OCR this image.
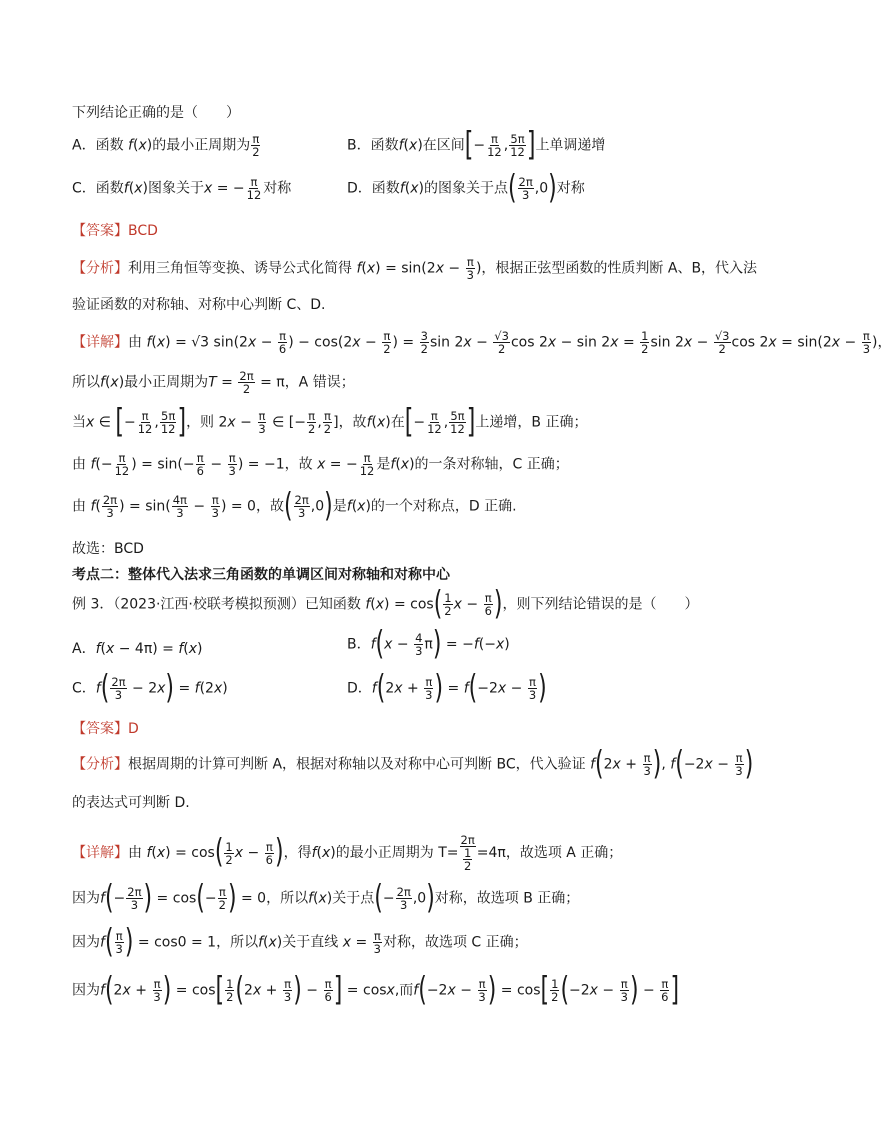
下列结论正确的是（　　）
A．函数 f(x)的最小正周期为 $\frac{\pi}{2}$	B．函数f(x)在区间[− $\frac{\pi}{12}$ , $\frac{5\pi}{12}$ ]上单调递增
C．函数f(x)图象关于x = − $\frac{\pi}{12}$ 对称	D．函数f(x)的图象关于点( $\frac{2\pi}{3} ,0$)对称
【答案】BCD
【分析】利用三角恒等变换、诱导公式化简得 $f(x) = \sin(2x - \frac{\pi}{3}$ )，根据正弦型函数的性质判断 A、B，代入法
验证函数的对称轴、对称中心判断 C、D.
【详解】由 f(x) = √3 $\sin(2x - \frac{\pi}{6}$ ) − $\cos(2x - \frac{\pi}{2}$ ) = $\frac{3}{2}$ $\sin 2x - \frac{√3}{2}$ $\cos 2x - \sin 2x = \frac{1}{2}$ $\sin 2x - \frac{√3}{2}$ $\cos 2x = \sin(2x - \frac{\pi}{3}$ )，
所以f(x)最小正周期为$T = \frac{2\pi}{2} = \pi$，A 错误；
当x ∈ [− $\frac{\pi}{12}$ , $\frac{5\pi}{12}$ ]，则 $2x - \frac{\pi}{3}$ ∈ [− $\frac{\pi}{2}$ , $\frac{\pi}{2}$ ]，故f(x)在[− $\frac{\pi}{12}$ , $\frac{5\pi}{12}$ ]上递增，B 正确；
由 $f(- \frac{\pi}{12}$ ) = $\sin(- \frac{\pi}{6} - \frac{\pi}{3}$ ) = −1，故 x = − $\frac{\pi}{12}$ 是f(x)的一条对称轴，C 正确；
由 $f( \frac{2\pi}{3}$ ) = $\sin( \frac{4\pi}{3} - \frac{\pi}{3}$ ) = 0，故( $\frac{2\pi}{3} ,0$)是f(x)的一个对称点，D 正确.
故选：BCD
考点二：整体代入法求三角函数的单调区间对称轴和对称中心
例 3．（2023·江西·校联考模拟预测）已知函数 $f(x) = \cos( \frac{1}{2}$ $x - \frac{\pi}{6}$ )，则下列结论错误的是（　　）
A．f(x − 4π) = f(x)	B．$f(x - \frac{4}{3} \pi) = -f(-x)$
C．$f( \frac{2\pi}{3} - 2x) = f(2x)$	D．$f(2x + \frac{\pi}{3}$ ) = $f(-2x - \frac{\pi}{3}$ )
【答案】D
【分析】根据周期的计算可判断 A，根据对称轴以及对称中心可判断 BC，代入验证 $f(2x + \frac{\pi}{3}$ ), $f(-2x - \frac{\pi}{3}$ )
的表达式可判断 D.
【详解】由 $f(x) = \cos( \frac{1}{2}$ $x - \frac{\pi}{6}$ )，得f(x)的最小正周期为 $T= \frac{2\pi}{\frac{1}{2}} =4\pi$，故选项 A 正确；
因为$f(- \frac{2\pi}{3}$ ) = $\cos(- \frac{\pi}{2}$ ) = 0，所以f(x)关于点(− $\frac{2\pi}{3} ,0$)对称，故选项 B 正确；
因为$f( \frac{\pi}{3}$ ) = cos0 = 1，所以f(x)关于直线 $x = \frac{\pi}{3}$ 对称，故选项 C 正确；
因为$f(2x + \frac{\pi}{3}$ ) = $\cos[ \frac{1}{2} (2x + \frac{\pi}{3}$ ) − $\frac{\pi}{6}$ ] = cosx,而$f(-2x - \frac{\pi}{3}$ ) = $\cos[ \frac{1}{2} (-2x - \frac{\pi}{3}$ ) − $\frac{\pi}{6}$ ]
